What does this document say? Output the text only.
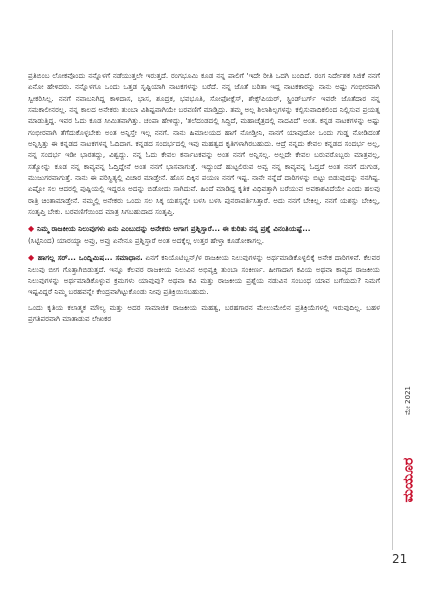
ಪ್ರತಿಬಿಂಬ ಲೋಕವೊಂದು ನನ್ನೊಳಗೆ ನಡೆಯುತ್ತಲೇ ಇರುತ್ತದೆ. ರಂಗಭೂಮಿ ಕೂಡ ನನ್ನ ಪಾಲಿಗೆ 'ಇದೇ ರೀತಿ ಒದಗಿ ಬಂದಿದೆ. ರಂಗ ನಿರ್ದೇಶಕ ಸಿಜಿಕೆ ನನಗೆ ಏನೋ ಹೇಳಿದರು. ನನ್ನೊಳಗೂ ಒಂದು ಒತ್ತಡ ಸೃಷ್ಟಿಯಾಗಿ ನಾಟಕಗಳನ್ನು ಬರೆದೆ. ನನ್ನ ಜೊತೆ ಬರಿತಾ ಇದ್ದ ನಾಟಕಕಾರನ್ನು ನಾನು ಅಷ್ಟು ಗಂಭೀರವಾಗಿ ಸ್ವೀಕರಿಸಿಲ್ಲ. ನನಗೆ ನವಾಬನಿಗಿದ್ದ ಕಾಳಿದಾಸ, ಭಾಸ, ಶೂದ್ರಕ, ಭವಭೂತಿ, ಸೋಫೋಕ್ಲೆಸ್, ಶೇಕ್ಸ್‌ಪಿಯರ್, ಸ್ಟ್ರಿಂಡ್‌ಬರ್ಗ್ ಇವರೇ ಜೊತೆದಾರ ನನ್ನ ಸಮಕಾಲೀನರಲ್ಲ. ನನ್ನ ಕಾಲದ ಅನೇಕರು ತುಂಬಾ ವಿಶಿಷ್ಟವಾಗಿಯೇ ಬರವಣಿಗೆ ಮಾಡ್ತಿದ್ರು. ತಮ್ಮ ಅಲ್ಲ ಶಿಲಾಶಿಲ್ಪಗಳನ್ನು ಕಲ್ಪಿಸುವಾದಿಕಲಿಂದ ನಿಲ್ಲಿಸುವ ಪ್ರಯತ್ನ ಮಾಡುತ್ತಿದ್ದ. ಇವರ ಓದು ಕೂಡ ಸೀಮಿತವಾಗಿತ್ತು. ಚಂಪಾ ಹೇಳಿದ್ದು, 'ತಲೆದಂಡದಲ್ಲಿ ಸಿದ್ಧಿದೆ, ಮಹಾಚೈತ್ರದಲ್ಲಿ ನಾದವಿದೆ' ಅಂತ. ಕನ್ನಡ ನಾಟಕಗಳನ್ನು ಅಷ್ಟು ಗಂಭೀರವಾಗಿ ತೆಗೆದುಕೊಳ್ಳಬೇಕು ಅಂತ ಅನ್ನಿಸ್ತೇ ಇಲ್ಲ ನನಗೆ. ನಾನು ಹಿಮಾಲಯದ ಹಾಗೆ ನೋಡ್ತೀನಿ, ನಾನಗೆ ಯಾವುದೋ ಒಂದು ಗುಡ್ಡ ನೋಡಿದಂತೆ ಅನ್ನಿಸ್ತಿತ್ತು ಈ ಕನ್ನಡದ ನಾಟಕಗಳನ್ನ ಓದಿದಾಗ. ಕನ್ನಡದ ಸಂದರ್ಭದಲ್ಲಿ ಇವು ಮಹತ್ವದ ಕೃತಿಗಳಾಗಿರಬಹುದು. ಆದ್ರೆ ನನ್ನದು ಕೇವಲ ಕನ್ನಡದ ಸಂದರ್ಭ ಅಲ್ಲ, ನನ್ನ ಸಂದರ್ಭ ಇಡೀ ಭಾರತದ್ದು, ವಿಶ್ವದ್ದು. ನನ್ನ ಓದು ಕೇವಲ ಕರ್ನಾಟಕವನ್ನು ಅಂತ ನನಗೆ ಅನ್ನಿಸಲ್ಲ. ಅಲ್ಲದೇ ಕೇವಲ ಬರುವರೊಬ್ಬರು ಮಾತ್ರವಲ್ಲ, ಸತ್ಯೋನ್ನು ಕೂಡ ನನ್ನ ಕಾವ್ಯವನ್ನ ಓದ್ತಿದ್ದೇನೆ ಅಂತ ನನಗೆ ಭಾಸವಾಗುತ್ತೆ. ಇದ್ದುಂದೆ ಹುಟ್ಟಲಿರುವ ಅವ್ವ ನನ್ನ ಕಾವ್ಯವನ್ನ ಓದ್ತದೆ ಅಂತ ನನಗೆ ದುಗುಡ, ಮುಜುಗರವಾಗುತ್ತೆ. ನಾನು ಈ ಪರಿಸ್ಥಿತ್ಯಲ್ಲಿ ವಿಚಾರ ಮಾಡ್ತೇನೆ. ಹೊಸ ದಿಕ್ಕಿನ ಪಯಣ ನನಗೆ ಇಷ್ಟ. ನಾನೇ ನನ್ನೆದೆ ದಾರಿಗಳನ್ನು ಬಿಟ್ಟು ಬಿಡುವುದನ್ನು ನನಗಿಷ್ಟ. ಏಷ್ಟೋ ಸಲ ಆದರಲ್ಲಿ ಪುಷ್ಪಿಯಲ್ಲಿ ಇದ್ದರೂ ಅದನ್ನು ಬಿಡೋದು ಸಾಗಿದುವೆ. ಹಿಂದೆ ಮಾಡಿದ್ದ ಕೃತಿಕ ವಿಧಿವತ್ತಾಗಿ ಬರೆಯುವ ಅವಕಾಶವಿದೆಯೇ ಎಂದು ಹಲವು ರಾತ್ರಿ ಚಿಂತಾಮಾಡ್ತೇನೆ. ನಮ್ಮಲ್ಲಿ ಅನೇಕರು ಒಂದು ಸಲ ಸಿಕ್ಕ ಯಶಸ್ಸನ್ನೇ ಬಳಸಿ ಬಳಸಿ ಪುನರಾವರ್ತಿಸಿತ್ತಾರೆ. ಅದು ನನಗೆ ಬೇಕಿಲ್ಲ. ನನಗೆ ಯಶಸ್ಸು ಬೇಕಿಲ್ಲ, ಸಂತೃಪ್ತಿ ಬೇಕು. ಬರವಣಿಗೆಯಿಂದ ಮಾತ್ರ ಸಿಗಬಹುದಾದ ಸಂತೃಪ್ತಿ.

◆ ನಿಮ್ಮ ರಾಜಕೀಯ ನಿಲುವುಗಳು ಏನು ಎಂಬುದನ್ನು ಅನೇಕರು ಆಗಾಗ ಪ್ರಶ್ನಿಸ್ತಾರೆ... ಈ ಕುರಿತು ನನ್ನ ಪ್ರಶ್ನೆ ವಿನಂತಿಯಷ್ಟೆ...

(ಸಿಟ್ಟಿನಿಂದ) ಯಾರಯ್ಯಾ ಅವ್ರು, ಅವ್ರು ಏನೇನೂ ಪ್ರಶ್ನಿಸ್ತಾರೆ ಅಂತ ಅದಕ್ಕೆಲ್ಲ ಉತ್ತರ ಹೇಳ್ತಾ ಕೂಡೋಕಾಗಲ್ಲ.

◆ ಹಾಗಲ್ಲ ಸರ್... ಒಂದ್ನಿಮಿಷ... ಸಮಾಧಾನ. ಏನಗೆ ಕನಿಯೊಟಿಬ್ಬನ್/ಳ ರಾಜಕೀಯ ನಿಲುವುಗಳನ್ನು ಅರ್ಥಮಾಡಿಕೊಳ್ಳಲಿಕ್ಕೆ ಅನೇಕ ದಾರಿಗಳಿವೆ. ಕೆಲವರ ನಿಲುವು ಬೀಗ ಗೊತ್ತಾಗಿಬಿಡುತ್ತದೆ. ಇನ್ನೂ ಕೆಲವರ ರಾಜಕೀಯ ನಿಲುವಿನ ಅಭಿವ್ಯಕ್ತಿ ತುಂಬಾ ಸಂಕೀರ್ಣ. ಹೀಗಾದಾಗ ಕವಿಯ ಅಥವಾ ಕಾವ್ಯದ ರಾಜಕೀಯ ನಿಲುವುಗಳನ್ನು ಅರ್ಥಮಾಡಿಕೊಳ್ಳುವ ಕ್ರಮಗಳು ಯಾವುವು? ಅಥವಾ ಕವಿ ಮತ್ತು ರಾಜಕೀಯ ಪ್ರಶ್ನೆಯ ನಡುವಿನ ಸಂಬಂಧ ಯಾವ ಬಗೆಯದು? ನಿಮಗೆ ಇಷ್ಟವಿದ್ದರೆ ನಿಮ್ಮ ಬರಹವನ್ನೇ ಕೇಂದ್ರವಾಗಿಟ್ಟುಕೊಂಡು ನೀವು ಪ್ರತಿಕ್ರಿಯಿಸಬಹುದು.

ಒಂದು ಕೃತಿಯ ಕಲಾತ್ಮಕ ಮೌಲ್ಯ ಮತ್ತು ಅದರ ಸಾಮಾಜಿಕ ರಾಜಕೀಯ ಮಹತ್ವ, ಬರಹಗಾರನ ಮೇಲುಮೇಲಿನ ಪ್ರತಿಕ್ರಿಯೆಗಳಲ್ಲಿ ಇರುವುದಿಲ್ಲ. ಬಹಳ ಪ್ರಗತಿಪರವಾಗಿ ಮಾತಾಡುವ ಲೇಖಕರ

ಮೇ 2021
ಮಯೂರ
21
